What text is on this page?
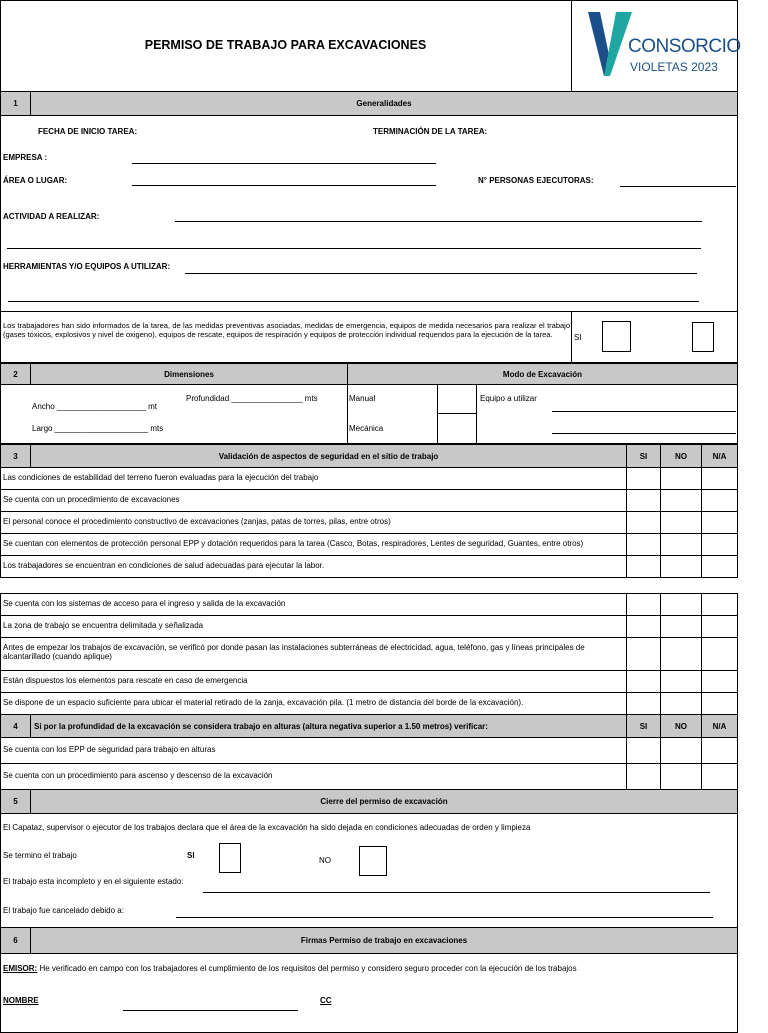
PERMISO DE TRABAJO PARA EXCAVACIONES	CONSORCIO
VIOLETAS 2023
1	Generalidades
FECHA DE INICIO TAREA:	TERMINACIÓN DE LA TAREA:
EMPRESA :
ÁREA O LUGAR:	N° PERSONAS EJECUTORAS:
ACTIVIDAD A REALIZAR:
HERRAMIENTAS Y/O EQUIPOS A UTILIZAR:
Los trabajadores han sido informados de la tarea, de las medidas preventivas asociadas, medidas de emergencia, equipos de medida necesarios para realizar el trabajo (gases tóxicos, explosivos y nivel de oxigeno), equipos de rescate, equipos de respiración y equipos de protección individual requendos para la ejecución de la tarea.	SI
2	Dimensiones	Modo de Excavación
Ancho ____________________ mt
Profundidad ________________ mts
Largo _____________________ mts
Manual
Mecánica
Equipo a utilizar
3	Validación de aspectos de seguridad en el sitio de trabajo	SI	NO	N/A
Las condiciones de estabilidad del terreno fueron evaluadas para la ejecución del trabajo
Se cuenta con un procedimiento de excavaciones
El personal conoce el procedimiento constructivo de excavaciones (zanjas, patas de torres, pilas, entre otros)
Se cuentan con elementos de protección personal EPP y dotación requeridos para la tarea (Casco, Botas, respiradores, Lentes de seguridad, Guantes, entre otros)
Los trabajadores se encuentran en condiciones de salud adecuadas para ejecutar la labor.
Se cuenta con los sistemas de acceso para el ingreso y salida de la excavación
La zona de trabajo se encuentra delimitada y señalizada
Antes de empezar los trabajos de excavación, se verificó por donde pasan las instalaciones subterráneas de electricidad, agua, teléfono, gas y líneas principales de alcantarillado (cuando aplique)
Están dispuestos los elementos para rescate en caso de emergencia
Se dispone de un espacio suficiente para ubicar el material retirado de la zanja, excavación pila. (1 metro de distancia del borde de la excavación).
4	Si por la profundidad de la excavación se considera trabajo en alturas (altura negativa superior a 1.50 metros) verificar:	SI	NO	N/A
Se cuenta con los EPP de seguridad para trabajo en alturas
Se cuenta con un procedimiento para ascenso y descenso de la excavación
5	Cierre del permiso de excavación
El Capataz, supervisor o ejecutor de los trabajos declara que el área de la excavación ha sido dejada en condiciones adecuadas de orden y limpieza
Se termino el trabajo	SI
NO
El trabajo esta incompleto y en el siguiente estado:
El trabajo fue cancelado debido a:
6	Firmas Permiso de trabajo en excavaciones
EMISOR: He verificado en campo con los trabajadores el cumplimiento de los requisitos del permiso y considero seguro proceder con la ejecución de los trabajos
NOMBRE	CC
